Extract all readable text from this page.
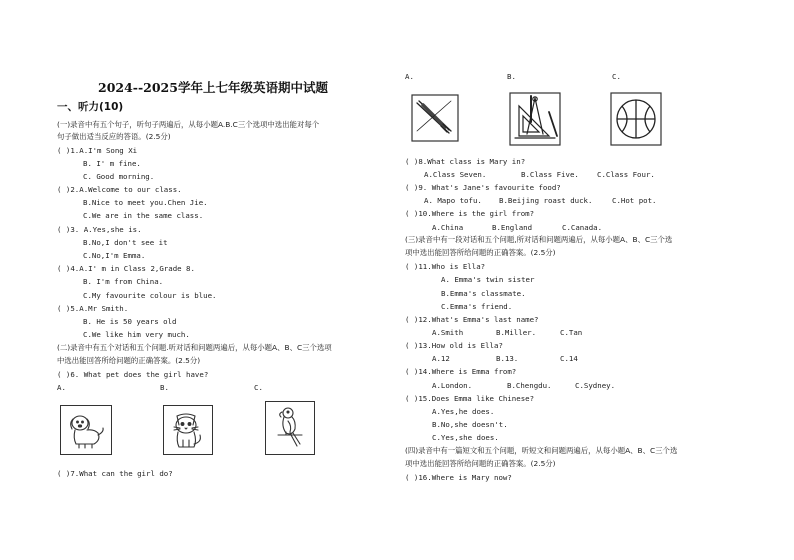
2024--2025学年上七年级英语期中试题
一、听力(10)
(一)录音中有五个句子，听句子两遍后，从每小题A.B.C三个选项中选出能对每个
句子做出适当反应的答语。(2.5分)
( )1.A.I'm Song Xi
B. I' m fine.
C. Good morning.
( )2.A.Welcome to our class.
B.Nice to meet you.Chen Jie.
C.We are in the same class.
( )3. A.Yes,she is.
B.No,I don't see it
C.No,I'm Emma.
( )4.A.I' m in Class 2,Grade 8.
B. I'm from China.
C.My favourite colour is blue.
( )5.A.Mr Smith.
B. He is 50 years old
C.We like him very much.
(二)录音中有五个对话和五个问题.听对话和问题两遍后，从每小题A、B、C三个选项
中选出能回答所给问题的正确答案。(2.5分)
( )6. What pet does the girl have?
A.	B.	C.
( )7.What can the girl do?
A.	B.	C.
( )8.What class is Mary in?
A.Class Seven.	B.Class Five. C.Class Four.
( )9. What's Jane's favourite food?
A. Mapo tofu. B.Beijing roast duck.	C.Hot pot.
( )10.Where is the girl from?
A.China	B.England	C.Canada.
(三)录音中有一段对话和五个问题,所对话和问题两遍后，从每小题A、B、C三个选
项中选出能回答所给问题的正确答案。(2.5分)
( )11.Who is Ella?
A. Emma's twin sister
B.Emma's classmate.
C.Emma's friend.
( )12.What's Emma's last name?
A.Smith	B.Miller.	C.Tan
( )13.How old is Ella?
A.12	B.13.	C.14
( )14.Where is Emma from?
A.London.	B.Chengdu.	C.Sydney.
( )15.Does Emma like Chinese?
A.Yes,he does.
B.No,she doesn't.
C.Yes,she does.
(四)录音中有一篇短文和五个问题，听短文和问题两遍后，从每小题A、B、C三个选
项中选出能回答所给问题的正确答案。(2.5分)
( )16.Where is Mary now?
